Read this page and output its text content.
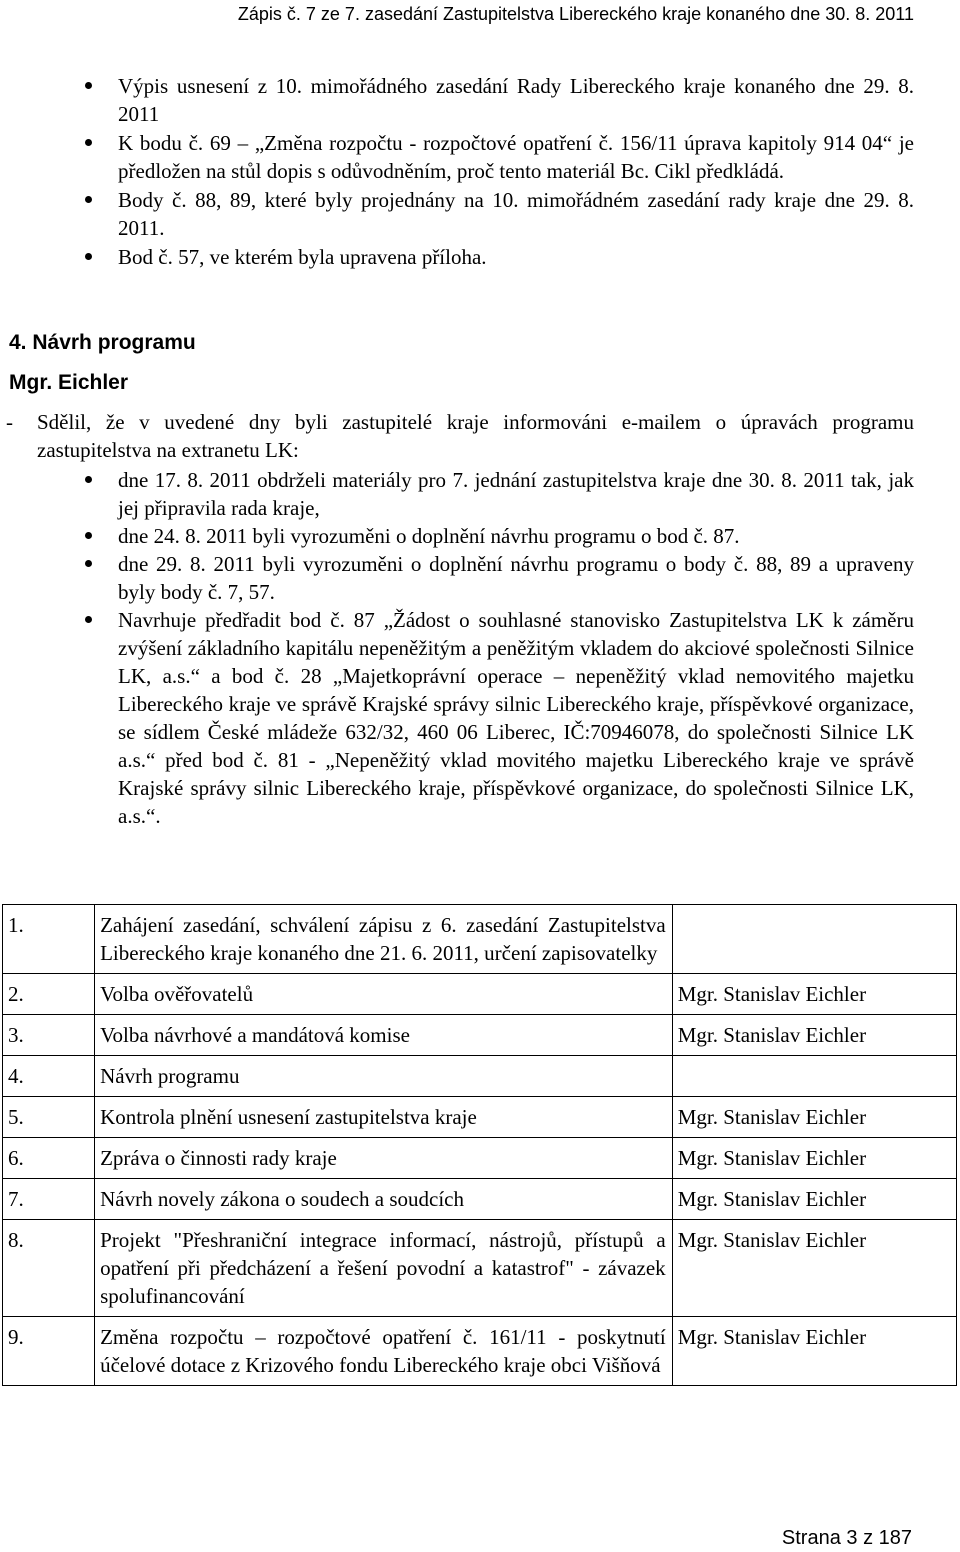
Zápis č. 7 ze 7. zasedání Zastupitelstva Libereckého kraje konaného dne 30. 8. 2011
Výpis usnesení z 10. mimořádného zasedání Rady Libereckého kraje konaného dne 29. 8. 2011
K bodu č. 69 – „Změna rozpočtu - rozpočtové opatření č. 156/11 úprava kapitoly 914 04“ je předložen na stůl dopis s odůvodněním, proč tento materiál Bc. Cikl předkládá.
Body č. 88, 89, které byly projednány na 10. mimořádném zasedání rady kraje dne 29. 8. 2011.
Bod č. 57, ve kterém byla upravena příloha.
4. Návrh programu
Mgr. Eichler
- Sdělil, že v uvedené dny byli zastupitelé kraje informováni e-mailem o úpravách programu zastupitelstva na extranetu LK:
dne 17. 8. 2011 obdrželi materiály pro 7. jednání zastupitelstva kraje dne 30. 8. 2011 tak, jak jej připravila rada kraje,
dne 24. 8. 2011 byli vyrozuměni o doplnění návrhu programu o bod č. 87.
dne 29. 8. 2011 byli vyrozuměni o doplnění návrhu programu o body č. 88, 89 a upraveny byly body č. 7, 57.
Navrhuje předřadit bod č. 87 „Žádost o souhlasné stanovisko Zastupitelstva LK k záměru zvýšení základního kapitálu nepeněžitým a peněžitým vkladem do akciové společnosti Silnice LK, a.s.“ a bod č. 28 „Majetkoprávní operace – nepeněžitý vklad nemovitého majetku Libereckého kraje ve správě Krajské správy silnic Libereckého kraje, příspěvkové organizace, se sídlem České mládeže 632/32, 460 06 Liberec, IČ:70946078, do společnosti Silnice LK a.s.“ před bod č. 81 - „Nepeněžitý vklad movitého majetku Libereckého kraje ve správě Krajské správy silnic Libereckého kraje, příspěvkové organizace, do společnosti Silnice LK, a.s.“.
1.	Zahájení zasedání, schválení zápisu z 6. zasedání Zastupitelstva Libereckého kraje konaného dne 21. 6. 2011, určení zapisovatelky	
2.	Volba ověřovatelů	Mgr. Stanislav Eichler
3.	Volba návrhové a mandátová komise	Mgr. Stanislav Eichler
4.	Návrh programu	
5.	Kontrola plnění usnesení zastupitelstva kraje	Mgr. Stanislav Eichler
6.	Zpráva o činnosti rady kraje	Mgr. Stanislav Eichler
7.	Návrh novely zákona o soudech a soudcích	Mgr. Stanislav Eichler
8.	Projekt "Přeshraniční integrace informací, nástrojů, přístupů a opatření při předcházení a řešení povodní a katastrof" - závazek spolufinancování	Mgr. Stanislav Eichler
9.	Změna rozpočtu – rozpočtové opatření č. 161/11 - poskytnutí účelové dotace z Krizového fondu Libereckého kraje obci Višňová	Mgr. Stanislav Eichler
Strana 3 z 187
